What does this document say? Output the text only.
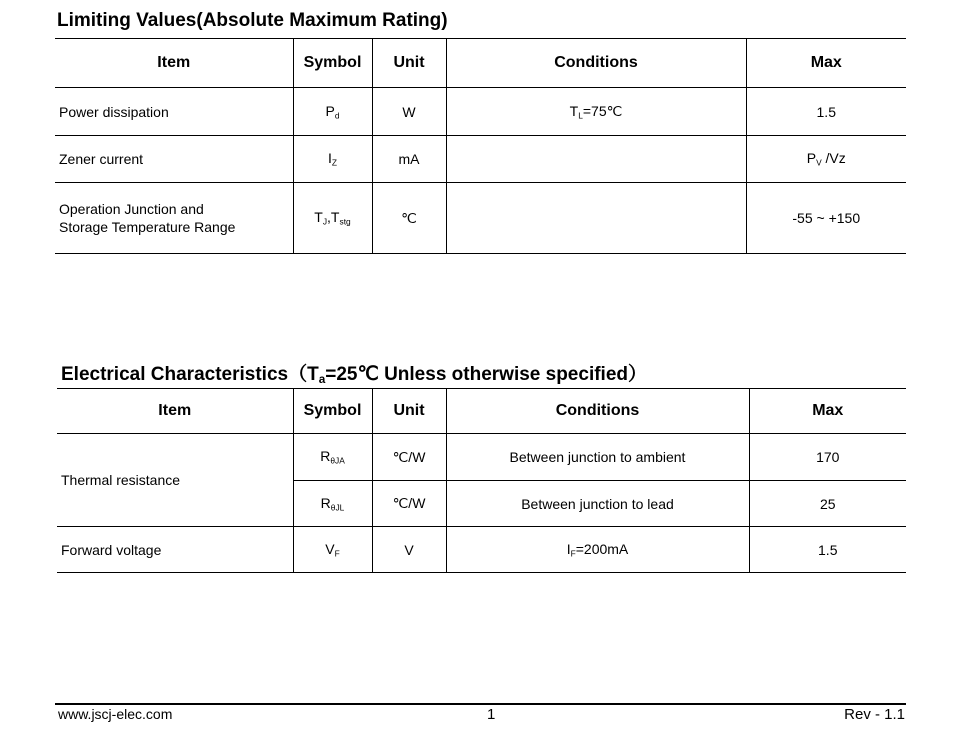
Limiting Values(Absolute Maximum Rating)
Item	Symbol	Unit	Conditions	Max
Power dissipation	Pd	W	TL=75℃	1.5
Zener current	IZ	mA		PV /Vz

Operation Junction and
Storage Temperature Range	TJ,Tstg	℃		-55 ~ +150
Electrical $Characteristics(T_a=25℃$ Unless otherwise specified）
Item	Symbol	Unit	Conditions	Max
Thermal resistance	RθJA	℃/W	Between junction to ambient	170
	RθJL	℃/W	Between junction to lead	25
Forward voltage	VF	V	IF=200mA	1.5
www.jscj-elec.com	1	Rev - 1.1
